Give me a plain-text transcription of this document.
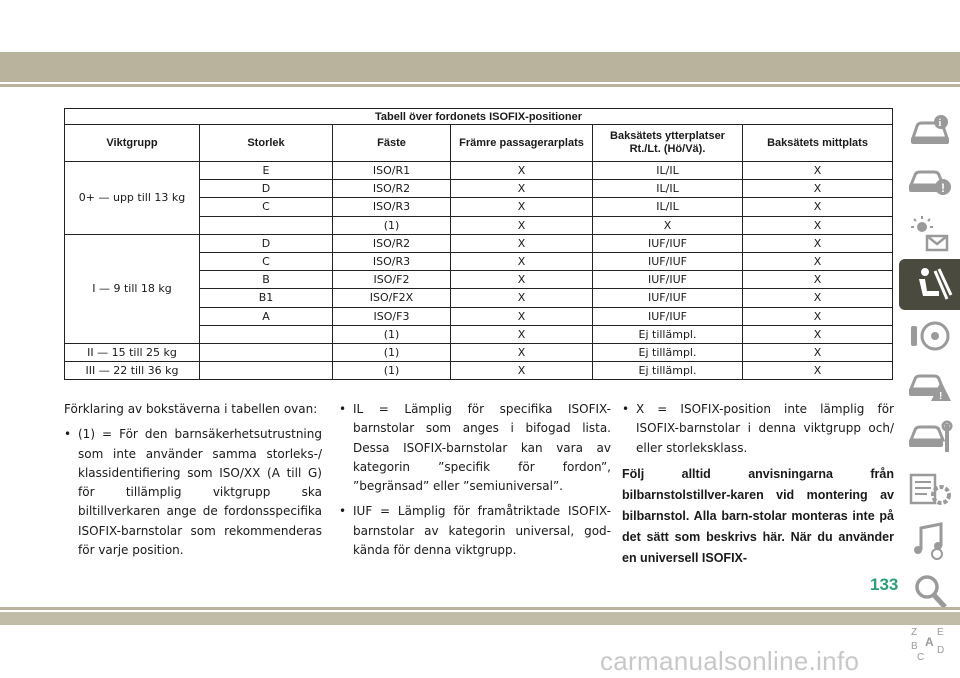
Tabell över fordonets ISOFIX-positioner					
Viktgrupp	Storlek	Fäste	Främre passagerarplats	Baksätets ytterplatser Rt./Lt. (Hö/Vä).	Baksätets mittplats
0+ — upp till 13 kg	E	ISO/R1	X	IL/IL	X
	D	ISO/R2	X	IL/IL	X
	C	ISO/R3	X	IL/IL	X
		(1)	X	X	X
I — 9 till 18 kg	D	ISO/R2	X	IUF/IUF	X
	C	ISO/R3	X	IUF/IUF	X
	B	ISO/F2	X	IUF/IUF	X
	B1	ISO/F2X	X	IUF/IUF	X
	A	ISO/F3	X	IUF/IUF	X
		(1)	X	Ej tillämpl.	X
II — 15 till 25 kg		(1)	X	Ej tillämpl.	X
III — 22 till 36 kg		(1)	X	Ej tillämpl.	X
Förklaring av bokstäverna i tabellen ovan:
• (1) = För den barnsäkerhetsutrustning som inte använder samma storleks-/ klassidentifiering som ISO/XX (A till G) för tillämplig viktgrupp ska biltillverkaren ange de fordonsspecifika ISOFIX-barnstolar som rekommenderas för varje position.
• IL = Lämplig för specifika ISOFIX-barnstolar som anges i bifogad lista. Dessa ISOFIX-barnstolar kan vara av kategorin ”specifik för fordon”, ”begränsad” eller ”semiuniversal”.
• IUF = Lämplig för framåtriktade ISOFIX-barnstolar av kategorin universal, god-kända för denna viktgrupp.
• X = ISOFIX-position inte lämplig för ISOFIX-barnstolar i denna viktgrupp och/ eller storleksklass.
Följ alltid anvisningarna från bilbarnstolstillver-karen vid montering av bilbarnstol. Alla barn-stolar monteras inte på det sätt som beskrivs här. När du använder en universell ISOFIX-
i
!
!
Z E
B A
C
D
133
carmanualsonline.info
